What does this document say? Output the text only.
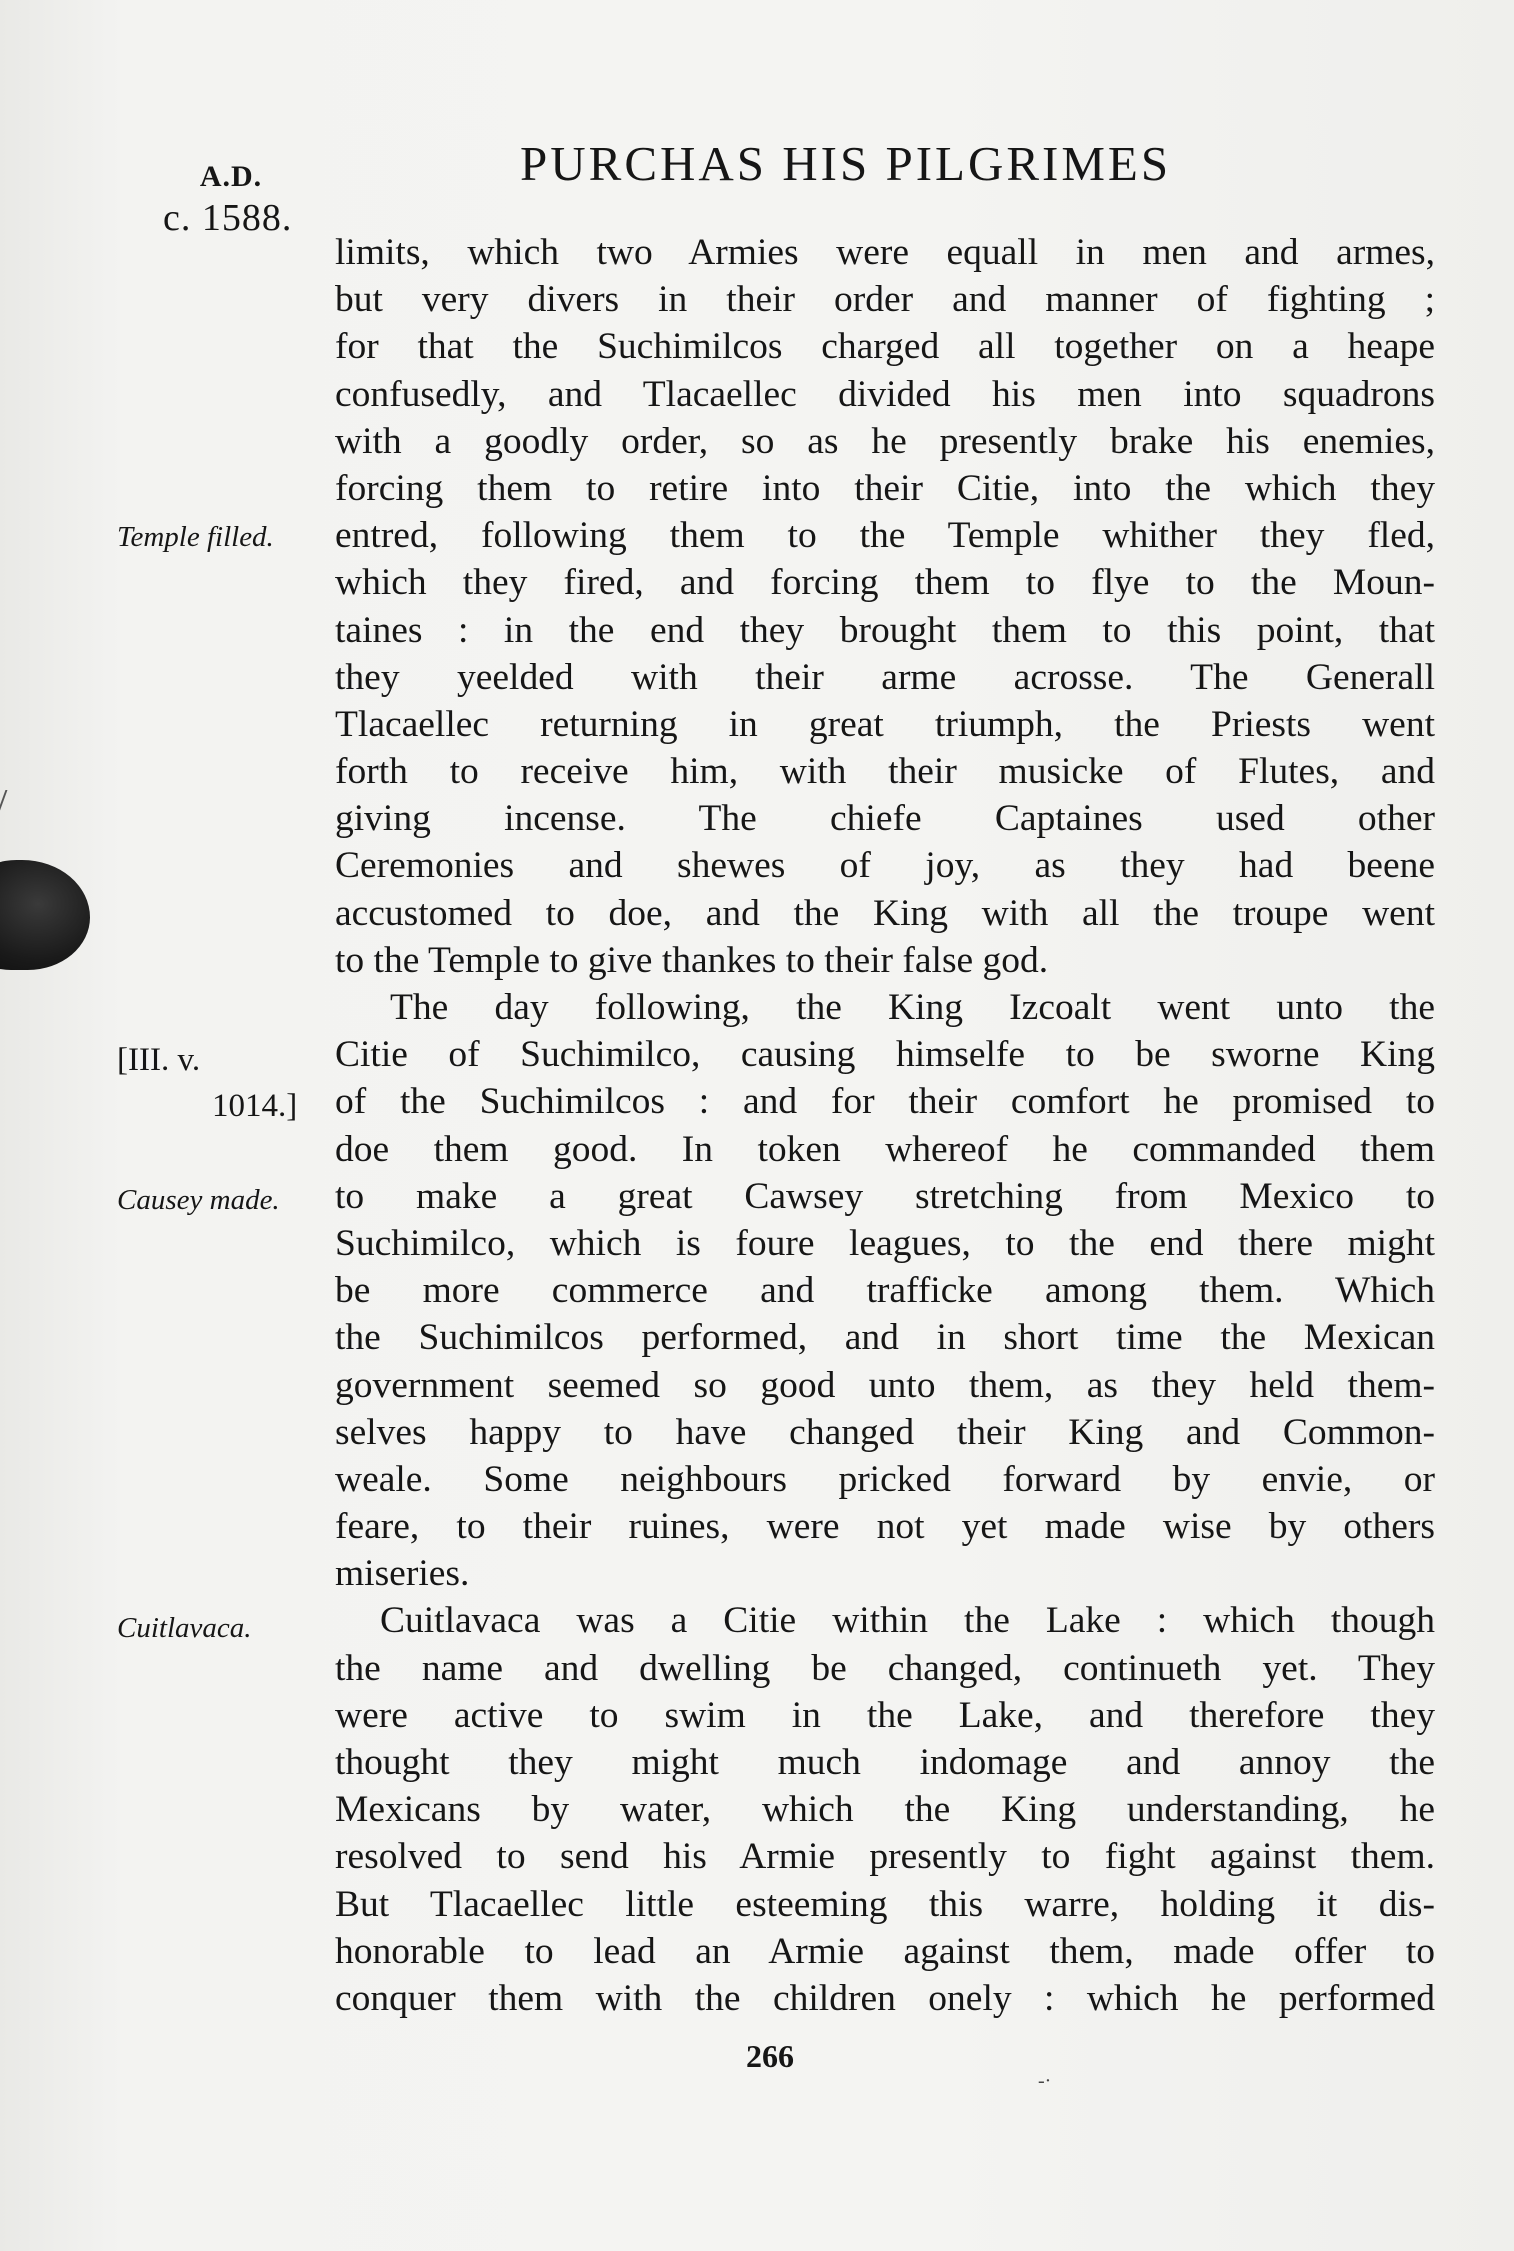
A.D.
c. 1588.
PURCHAS HIS PILGRIMES
Temple filled.
[III. v.
1014.]
Causey made.
Cuitlavaca.
limits, which two Armies were equall in men and armes,
but very divers in their order and manner of fighting ;
for that the Suchimilcos charged all together on a heape
confusedly, and Tlacaellec divided his men into squadrons
with a goodly order, so as he presently brake his enemies,
forcing them to retire into their Citie, into the which they
entred, following them to the Temple whither they fled,
which they fired, and forcing them to flye to the Moun-
taines : in the end they brought them to this point, that
they yeelded with their arme acrosse. The Generall
Tlacaellec returning in great triumph, the Priests went
forth to receive him, with their musicke of Flutes, and
giving incense. The chiefe Captaines used other
Ceremonies and shewes of joy, as they had beene
accustomed to doe, and the King with all the troupe went
to the Temple to give thankes to their false god.
The day following, the King Izcoalt went unto the
Citie of Suchimilco, causing himselfe to be sworne King
of the Suchimilcos : and for their comfort he promised to
doe them good. In token whereof he commanded them
to make a great Cawsey stretching from Mexico to
Suchimilco, which is foure leagues, to the end there might
be more commerce and trafficke among them. Which
the Suchimilcos performed, and in short time the Mexican
government seemed so good unto them, as they held them-
selves happy to have changed their King and Common-
weale. Some neighbours pricked forward by envie, or
feare, to their ruines, were not yet made wise by others
miseries.
Cuitlavaca was a Citie within the Lake : which though
the name and dwelling be changed, continueth yet. They
were active to swim in the Lake, and therefore they
thought they might much indomage and annoy the
Mexicans by water, which the King understanding, he
resolved to send his Armie presently to fight against them.
But Tlacaellec little esteeming this warre, holding it dis-
honorable to lead an Armie against them, made offer to
conquer them with the children onely : which he performed
266
-·
